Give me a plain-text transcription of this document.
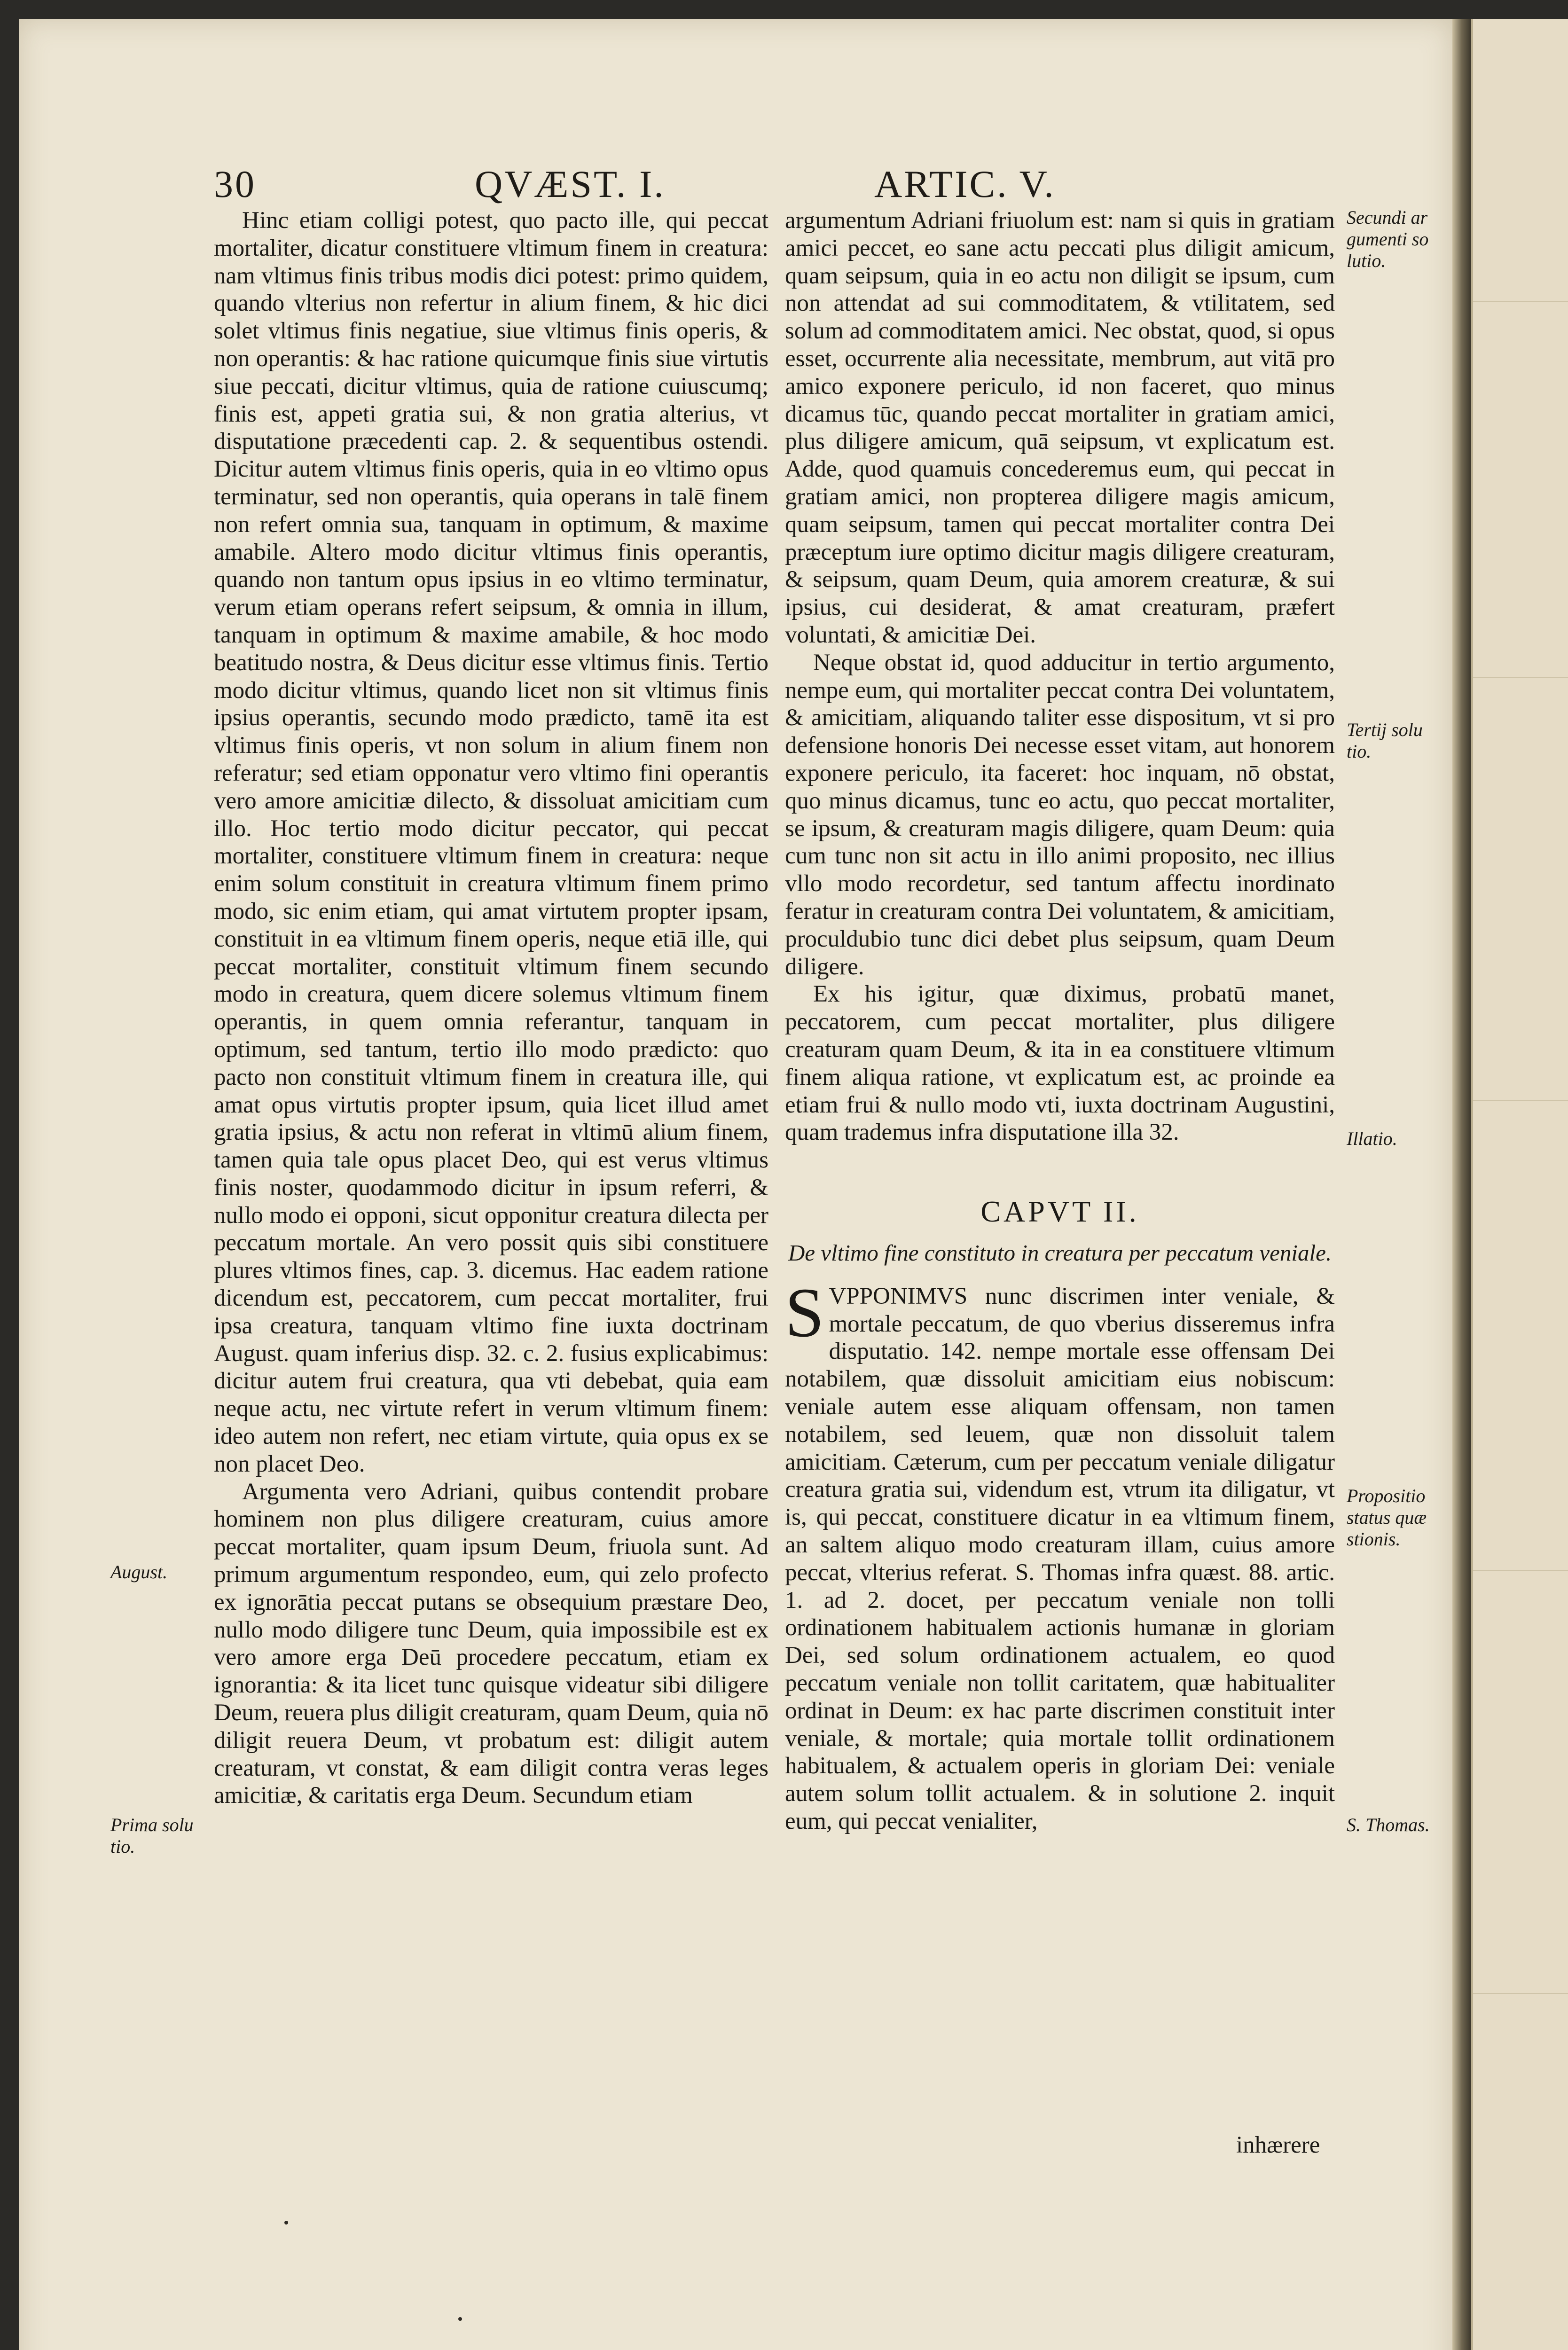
30	QVÆST. I.	ARTIC. V.

Hinc etiam colligi potest, quo pacto ille, qui peccat mortaliter, dicatur constituere vltimum finem in creatura: nam vltimus finis tribus modis dici potest: primo quidem, quando vlterius non refertur in alium finem, & hic dici solet vltimus finis negatiue, siue vltimus finis operis, & non operantis: & hac ratione quicumque finis siue virtutis siue peccati, dicitur vltimus, quia de ratione cuiuscumq; finis est, appeti gratia sui, & non gratia alterius, vt disputatione præcedenti cap. 2. & sequentibus ostendi. Dicitur autem vltimus finis operis, quia in eo vltimo opus terminatur, sed non operantis, quia operans in talē finem non refert omnia sua, tanquam in optimum, & maxime amabile. Altero modo dicitur vltimus finis operantis, quando non tantum opus ipsius in eo vltimo terminatur, verum etiam operans refert seipsum, & omnia in illum, tanquam in optimum & maxime amabile, & hoc modo beatitudo nostra, & Deus dicitur esse vltimus finis. Tertio modo dicitur vltimus, quando licet non sit vltimus finis ipsius operantis, secundo modo prædicto, tamē ita est vltimus finis operis, vt non solum in alium finem non referatur; sed etiam opponatur vero vltimo fini operantis vero amore amicitiæ dilecto, & dissoluat amicitiam cum illo. Hoc tertio modo dicitur peccator, qui peccat mortaliter, constituere vltimum finem in creatura: neque enim solum constituit in creatura vltimum finem primo modo, sic enim etiam, qui amat virtutem propter ipsam, constituit in ea vltimum finem operis, neque etiā ille, qui peccat mortaliter, constituit vltimum finem secundo modo in creatura, quem dicere solemus vltimum finem operantis, in quem omnia referantur, tanquam in optimum, sed tantum, tertio illo modo prædicto: quo pacto non constituit vltimum finem in creatura ille, qui amat opus virtutis propter ipsum, quia licet illud amet gratia ipsius, & actu non referat in vltimū alium finem, tamen quia tale opus placet Deo, qui est verus vltimus finis noster, quodammodo dicitur in ipsum referri, & nullo modo ei opponi, sicut opponitur creatura dilecta per peccatum mortale. An vero possit quis sibi constituere plures vltimos fines, cap. 3. dicemus. Hac eadem ratione dicendum est, peccatorem, cum peccat mortaliter, frui ipsa creatura, tanquam vltimo fine iuxta doctrinam August. quam inferius disp. 32. c. 2. fusius explicabimus: dicitur autem frui creatura, qua vti debebat, quia eam neque actu, nec virtute refert in verum vltimum finem: ideo autem non refert, nec etiam virtute, quia opus ex se non placet Deo.

Argumenta vero Adriani, quibus contendit probare hominem non plus diligere creaturam, cuius amore peccat mortaliter, quam ipsum Deum, friuola sunt. Ad primum argumentum respondeo, eum, qui zelo profecto ex ignorātia peccat putans se obsequium præstare Deo, nullo modo diligere tunc Deum, quia impossibile est ex vero amore erga Deū procedere peccatum, etiam ex ignorantia: & ita licet tunc quisque videatur sibi diligere Deum, reuera plus diligit creaturam, quam Deum, quia nō diligit reuera Deum, vt probatum est: diligit autem creaturam, vt constat, & eam diligit contra veras leges amicitiæ, & caritatis erga Deum. Secundum etiam

argumentum Adriani friuolum est: nam si quis in gratiam amici peccet, eo sane actu peccati plus diligit amicum, quam seipsum, quia in eo actu non diligit se ipsum, cum non attendat ad sui commoditatem, & vtilitatem, sed solum ad commoditatem amici. Nec obstat, quod, si opus esset, occurrente alia necessitate, membrum, aut vitā pro amico exponere periculo, id non faceret, quo minus dicamus tūc, quando peccat mortaliter in gratiam amici, plus diligere amicum, quā seipsum, vt explicatum est. Adde, quod quamuis concederemus eum, qui peccat in gratiam amici, non propterea diligere magis amicum, quam seipsum, tamen qui peccat mortaliter contra Dei præceptum iure optimo dicitur magis diligere creaturam, & seipsum, quam Deum, quia amorem creaturæ, & sui ipsius, cui desiderat, & amat creaturam, præfert voluntati, & amicitiæ Dei.

Neque obstat id, quod adducitur in tertio argumento, nempe eum, qui mortaliter peccat contra Dei voluntatem, & amicitiam, aliquando taliter esse dispositum, vt si pro defensione honoris Dei necesse esset vitam, aut honorem exponere periculo, ita faceret: hoc inquam, nō obstat, quo minus dicamus, tunc eo actu, quo peccat mortaliter, se ipsum, & creaturam magis diligere, quam Deum: quia cum tunc non sit actu in illo animi proposito, nec illius vllo modo recordetur, sed tantum affectu inordinato feratur in creaturam contra Dei voluntatem, & amicitiam, proculdubio tunc dici debet plus seipsum, quam Deum diligere.

Ex his igitur, quæ diximus, probatū manet, peccatorem, cum peccat mortaliter, plus diligere creaturam quam Deum, & ita in ea constituere vltimum finem aliqua ratione, vt explicatum est, ac proinde ea etiam frui & nullo modo vti, iuxta doctrinam Augustini, quam trademus infra disputatione illa 32.

CAPVT II.
De vltimo fine constituto in creatura per peccatum veniale.

SVPPONIMVS nunc discrimen inter veniale, & mortale peccatum, de quo vberius disseremus infra disputatio. 142. nempe mortale esse offensam Dei notabilem, quæ dissoluit amicitiam eius nobiscum: veniale autem esse aliquam offensam, non tamen notabilem, sed leuem, quæ non dissoluit talem amicitiam. Cæterum, cum per peccatum veniale diligatur creatura gratia sui, videndum est, vtrum ita diligatur, vt is, qui peccat, constituere dicatur in ea vltimum finem, an saltem aliquo modo creaturam illam, cuius amore peccat, vlterius referat. S. Thomas infra quæst. 88. artic. 1. ad 2. docet, per peccatum veniale non tolli ordinationem habitualem actionis humanæ in gloriam Dei, sed solum ordinationem actualem, eo quod peccatum veniale non tollit caritatem, quæ habitualiter ordinat in Deum: ex hac parte discrimen constituit inter veniale, & mortale; quia mortale tollit ordinationem habitualem, & actualem operis in gloriam Dei: veniale autem solum tollit actualem. & in solutione 2. inquit eum, qui peccat venialiter,

inhærere
August.
Prima solu tio.
Secundi ar gumenti so lutio.
Tertij solu tio.
Illatio.
Propositio status quæ stionis.
S. Thomas.
